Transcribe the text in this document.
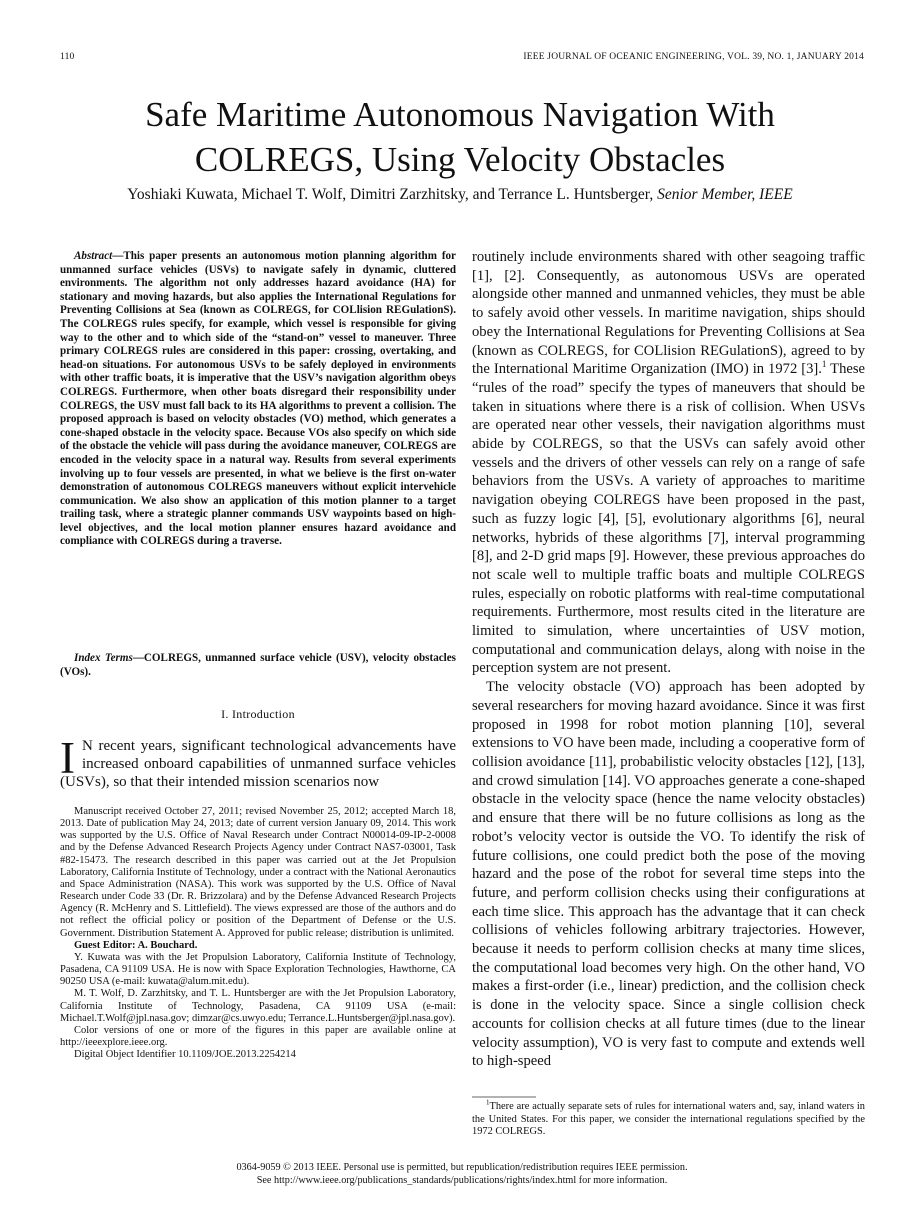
110	IEEE JOURNAL OF OCEANIC ENGINEERING, VOL. 39, NO. 1, JANUARY 2014
Safe Maritime Autonomous Navigation With
COLREGS, Using Velocity Obstacles
Yoshiaki Kuwata, Michael T. Wolf, Dimitri Zarzhitsky, and Terrance L. Huntsberger, Senior Member, IEEE

Abstract—This paper presents an autonomous motion planning algorithm for unmanned surface vehicles (USVs) to navigate safely in dynamic, cluttered environments. The algorithm not only addresses hazard avoidance (HA) for stationary and moving hazards, but also applies the International Regulations for Preventing Collisions at Sea (known as COLREGS, for COLlision REGulationS). The COLREGS rules specify, for example, which vessel is responsible for giving way to the other and to which side of the “stand-on” vessel to maneuver. Three primary COLREGS rules are considered in this paper: crossing, overtaking, and head-on situations. For autonomous USVs to be safely deployed in environments with other traffic boats, it is imperative that the USV’s navigation algorithm obeys COLREGS. Furthermore, when other boats disregard their responsibility under COLREGS, the USV must fall back to its HA algorithms to prevent a collision. The proposed approach is based on velocity obstacles (VO) method, which generates a cone-shaped obstacle in the velocity space. Because VOs also specify on which side of the obstacle the vehicle will pass during the avoidance maneuver, COLREGS are encoded in the velocity space in a natural way. Results from several experiments involving up to four vessels are presented, in what we believe is the first on-water demonstration of autonomous COLREGS maneuvers without explicit intervehicle communication. We also show an application of this motion planner to a target trailing task, where a strategic planner commands USV waypoints based on high-level objectives, and the local motion planner ensures hazard avoidance and compliance with COLREGS during a traverse.

Index Terms—COLREGS, unmanned surface vehicle (USV), velocity obstacles (VOs).

I. Introduction

I N recent years, significant technological advancements have increased onboard capabilities of unmanned surface vehicles (USVs), so that their intended mission scenarios now

Manuscript received October 27, 2011; revised November 25, 2012; accepted March 18, 2013. Date of publication May 24, 2013; date of current version January 09, 2014. This work was supported by the U.S. Office of Naval Research under Contract N00014-09-IP-2-0008 and by the Defense Advanced Research Projects Agency under Contract NAS7-03001, Task #82-15473. The research described in this paper was carried out at the Jet Propulsion Laboratory, California Institute of Technology, under a contract with the National Aeronautics and Space Administration (NASA). This work was supported by the U.S. Office of Naval Research under Code 33 (Dr. R. Brizzolara) and by the Defense Advanced Research Projects Agency (R. McHenry and S. Littlefield). The views expressed are those of the authors and do not reflect the official policy or position of the Department of Defense or the U.S. Government. Distribution Statement A. Approved for public release; distribution is unlimited.

Guest Editor: A. Bouchard.

Y. Kuwata was with the Jet Propulsion Laboratory, California Institute of Technology, Pasadena, CA 91109 USA. He is now with Space Exploration Technologies, Hawthorne, CA 90250 USA (e-mail: kuwata@alum.mit.edu).

M. T. Wolf, D. Zarzhitsky, and T. L. Huntsberger are with the Jet Propulsion Laboratory, California Institute of Technology, Pasadena, CA 91109 USA (e-mail: Michael.T.Wolf@jpl.nasa.gov; dimzar@cs.uwyo.edu; Terrance.L.Huntsberger@jpl.nasa.gov).

Color versions of one or more of the figures in this paper are available online at http://ieeexplore.ieee.org.

Digital Object Identifier 10.1109/JOE.2013.2254214

routinely include environments shared with other seagoing traffic [1], [2]. Consequently, as autonomous USVs are operated alongside other manned and unmanned vehicles, they must be able to safely avoid other vessels. In maritime navigation, ships should obey the International Regulations for Preventing Collisions at Sea (known as COLREGS, for COLlision REGulationS), agreed to by the International Maritime Organization (IMO) in 1972 [3].$^1$ These “rules of the road” specify the types of maneuvers that should be taken in situations where there is a risk of collision. When USVs are operated near other vessels, their navigation algorithms must abide by COLREGS, so that the USVs can safely avoid other vessels and the drivers of other vessels can rely on a range of safe behaviors from the USVs. A variety of approaches to maritime navigation obeying COLREGS have been proposed in the past, such as fuzzy logic [4], [5], evolutionary algorithms [6], neural networks, hybrids of these algorithms [7], interval programming [8], and 2-D grid maps [9]. However, these previous approaches do not scale well to multiple traffic boats and multiple COLREGS rules, especially on robotic platforms with real-time computational requirements. Furthermore, most results cited in the literature are limited to simulation, where uncertainties of USV motion, computational and communication delays, along with noise in the perception system are not present.

The velocity obstacle (VO) approach has been adopted by several researchers for moving hazard avoidance. Since it was first proposed in 1998 for robot motion planning [10], several extensions to VO have been made, including a cooperative form of collision avoidance [11], probabilistic velocity obstacles [12], [13], and crowd simulation [14]. VO approaches generate a cone-shaped obstacle in the velocity space (hence the name velocity obstacles) and ensure that there will be no future collisions as long as the robot’s velocity vector is outside the VO. To identify the risk of future collisions, one could predict both the pose of the moving hazard and the pose of the robot for several time steps into the future, and perform collision checks using their configurations at each time slice. This approach has the advantage that it can check collisions of vehicles following arbitrary trajectories. However, because it needs to perform collision checks at many time slices, the computational load becomes very high. On the other hand, VO makes a first-order (i.e., linear) prediction, and the collision check is done in the velocity space. Since a single collision check accounts for collision checks at all future times (due to the linear velocity assumption), VO is very fast to compute and extends well to high-speed

$^1$There are actually separate sets of rules for international waters and, say, inland waters in the United States. For this paper, we consider the international regulations specified by the 1972 COLREGS.

0364-9059 © 2013 IEEE. Personal use is permitted, but republication/redistribution requires IEEE permission.
See http://www.ieee.org/publications_standards/publications/rights/index.html for more information.
